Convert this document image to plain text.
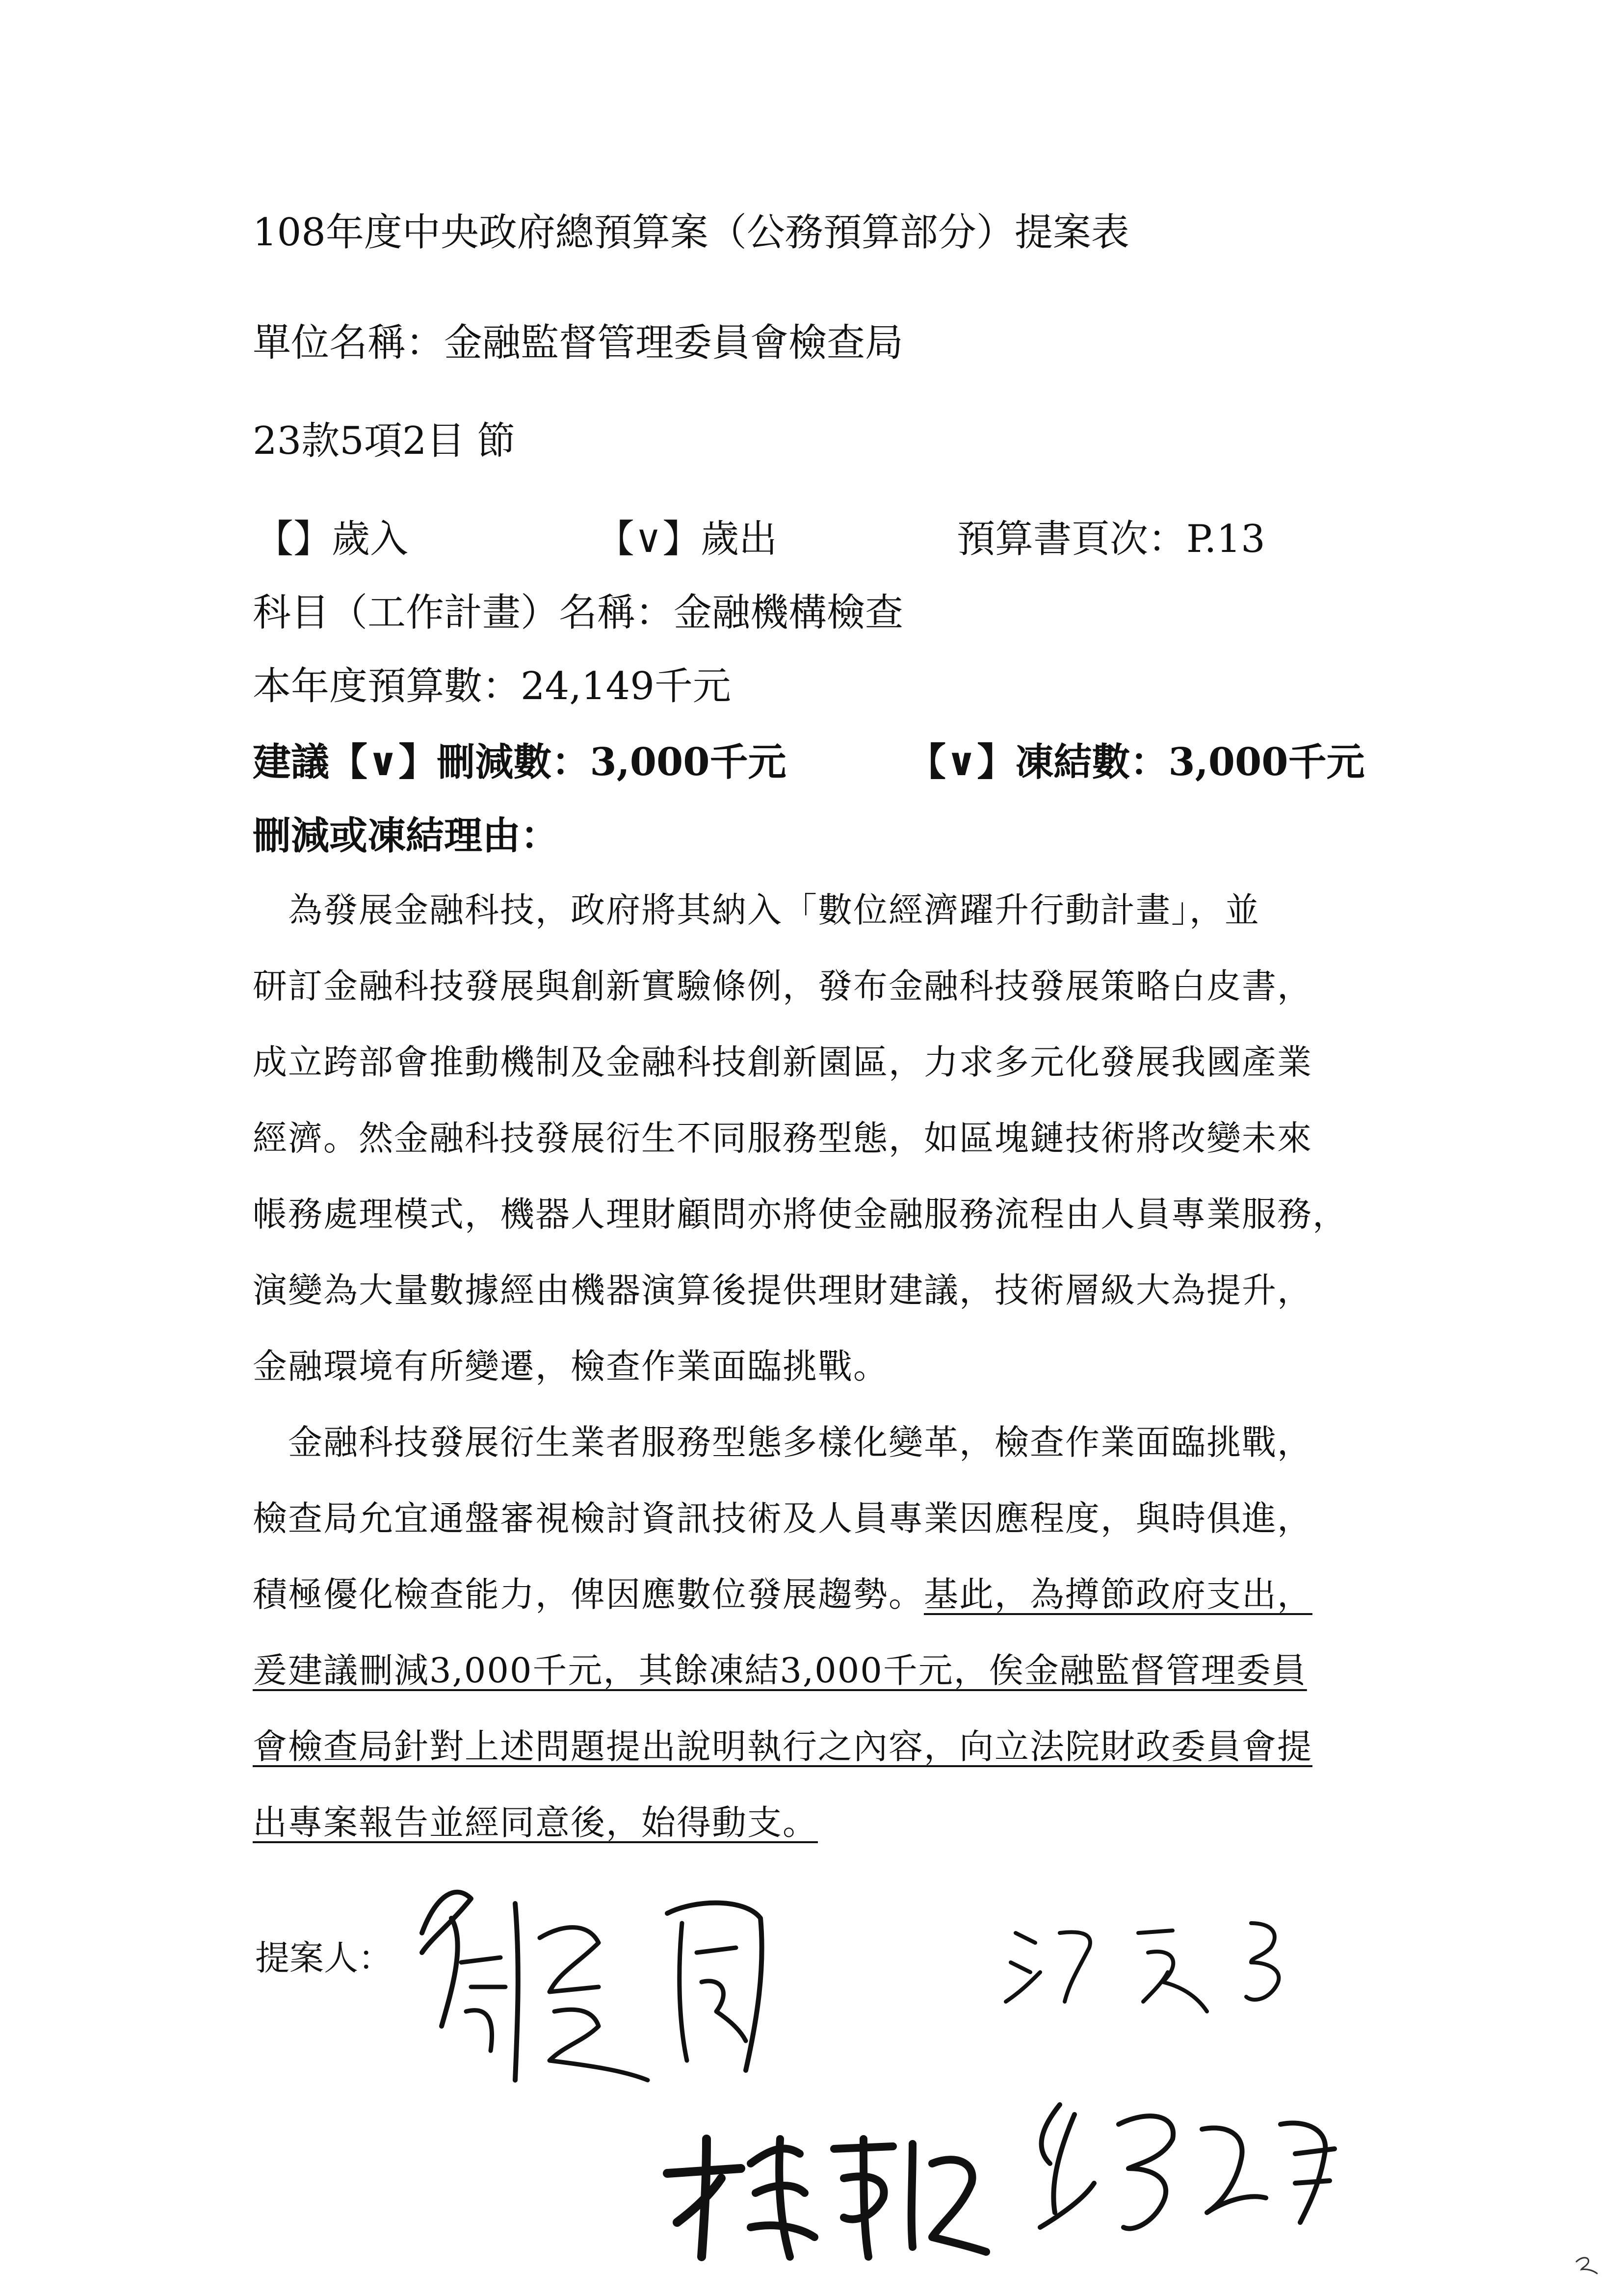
108年度中央政府總預算案（公務預算部分）提案表
單位名稱：金融監督管理委員會檢查局
23款5項2目 節
【】歲入	【∨】歲出	預算書頁次：P.13
科目（工作計畫）名稱：金融機構檢查
本年度預算數：24,149千元
建議【∨】刪減數：3,000千元	【∨】凍結數：3,000千元
刪減或凍結理由：
　為發展金融科技，政府將其納入「數位經濟躍升行動計畫」，並
研訂金融科技發展與創新實驗條例，發布金融科技發展策略白皮書，
成立跨部會推動機制及金融科技創新園區，力求多元化發展我國產業
經濟。然金融科技發展衍生不同服務型態，如區塊鏈技術將改變未來
帳務處理模式，機器人理財顧問亦將使金融服務流程由人員專業服務，
演變為大量數據經由機器演算後提供理財建議，技術層級大為提升，
金融環境有所變遷，檢查作業面臨挑戰。
　金融科技發展衍生業者服務型態多樣化變革，檢查作業面臨挑戰，
檢查局允宜通盤審視檢討資訊技術及人員專業因應程度，與時俱進，
積極優化檢查能力，俾因應數位發展趨勢。基此，為撙節政府支出，
爰建議刪減3,000千元，其餘凍結3,000千元，俟金融監督管理委員
會檢查局針對上述問題提出說明執行之內容，向立法院財政委員會提
出專案報告並經同意後，始得動支。
提案人：
